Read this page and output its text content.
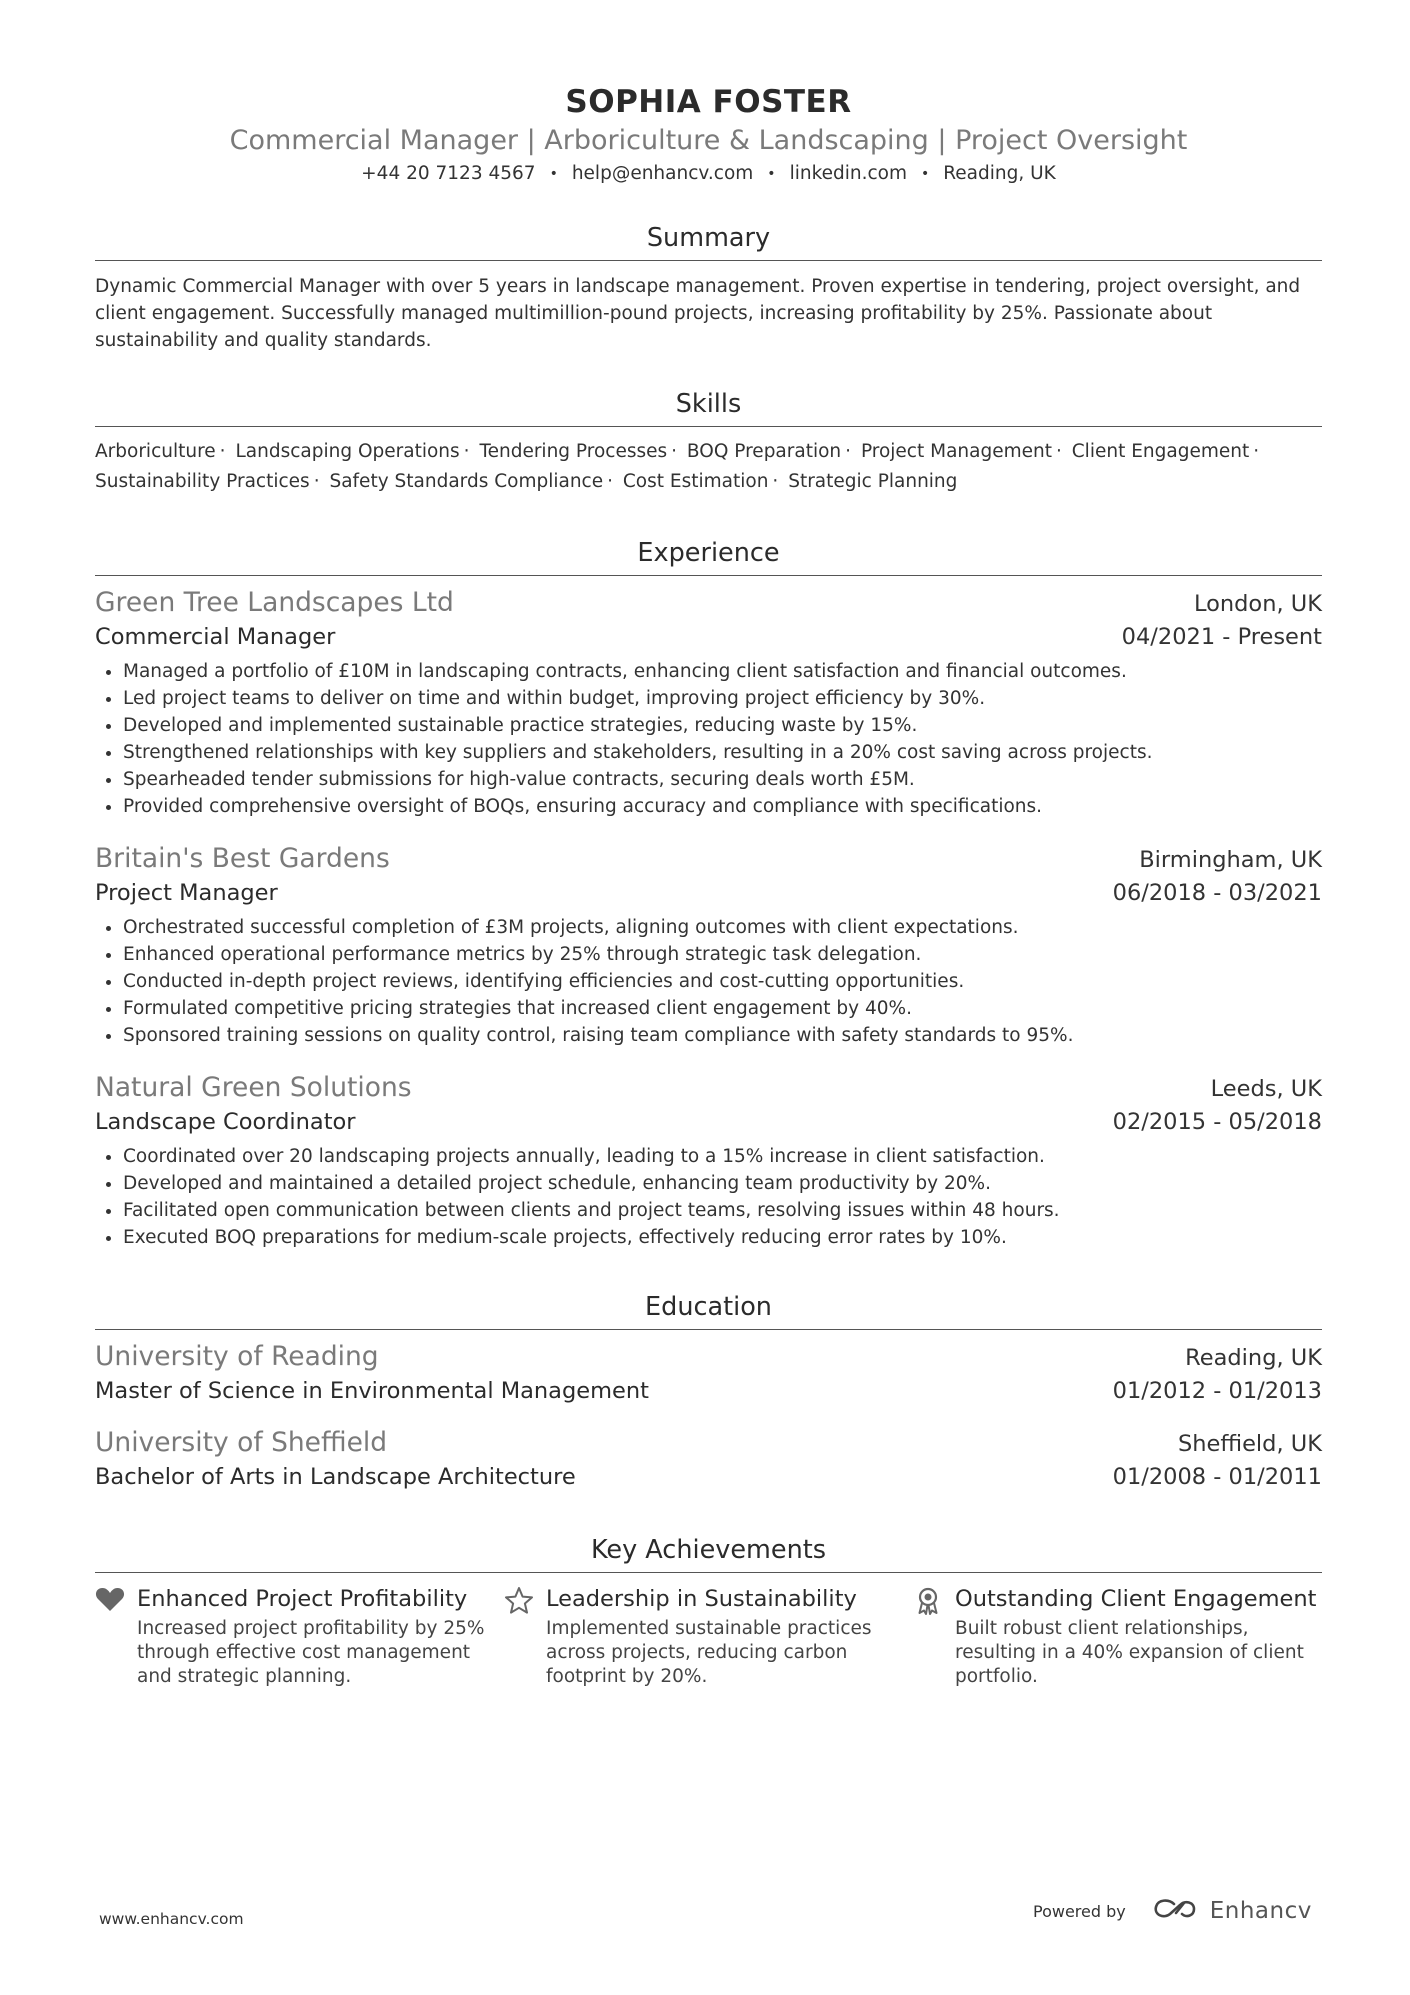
SOPHIA FOSTER
Commercial Manager | Arboriculture & Landscaping | Project Oversight
+44 20 7123 4567 • help@enhancv.com • linkedin.com • Reading, UK
Summary
Dynamic Commercial Manager with over 5 years in landscape management. Proven expertise in tendering, project oversight, and client engagement. Successfully managed multimillion-pound projects, increasing profitability by 25%. Passionate about sustainability and quality standards.
Skills
Arboriculture · Landscaping Operations · Tendering Processes · BOQ Preparation · Project Management · Client Engagement · Sustainability Practices · Safety Standards Compliance · Cost Estimation · Strategic Planning
Experience
Green Tree Landscapes Ltd	London, UK
Commercial Manager	04/2021 - Present
• Managed a portfolio of £10M in landscaping contracts, enhancing client satisfaction and financial outcomes.
• Led project teams to deliver on time and within budget, improving project efficiency by 30%.
• Developed and implemented sustainable practice strategies, reducing waste by 15%.
• Strengthened relationships with key suppliers and stakeholders, resulting in a 20% cost saving across projects.
• Spearheaded tender submissions for high-value contracts, securing deals worth £5M.
• Provided comprehensive oversight of BOQs, ensuring accuracy and compliance with specifications.
Britain's Best Gardens	Birmingham, UK
Project Manager	06/2018 - 03/2021
• Orchestrated successful completion of £3M projects, aligning outcomes with client expectations.
• Enhanced operational performance metrics by 25% through strategic task delegation.
• Conducted in-depth project reviews, identifying efficiencies and cost-cutting opportunities.
• Formulated competitive pricing strategies that increased client engagement by 40%.
• Sponsored training sessions on quality control, raising team compliance with safety standards to 95%.
Natural Green Solutions	Leeds, UK
Landscape Coordinator	02/2015 - 05/2018
• Coordinated over 20 landscaping projects annually, leading to a 15% increase in client satisfaction.
• Developed and maintained a detailed project schedule, enhancing team productivity by 20%.
• Facilitated open communication between clients and project teams, resolving issues within 48 hours.
• Executed BOQ preparations for medium-scale projects, effectively reducing error rates by 10%.
Education
University of Reading	Reading, UK
Master of Science in Environmental Management	01/2012 - 01/2013
University of Sheffield	Sheffield, UK
Bachelor of Arts in Landscape Architecture	01/2008 - 01/2011
Key Achievements
Enhanced Project Profitability
Increased project profitability by 25% through effective cost management and strategic planning.
Leadership in Sustainability
Implemented sustainable practices across projects, reducing carbon footprint by 20%.
Outstanding Client Engagement
Built robust client relationships, resulting in a 40% expansion of client portfolio.
www.enhancv.com	Powered by	Enhancv
